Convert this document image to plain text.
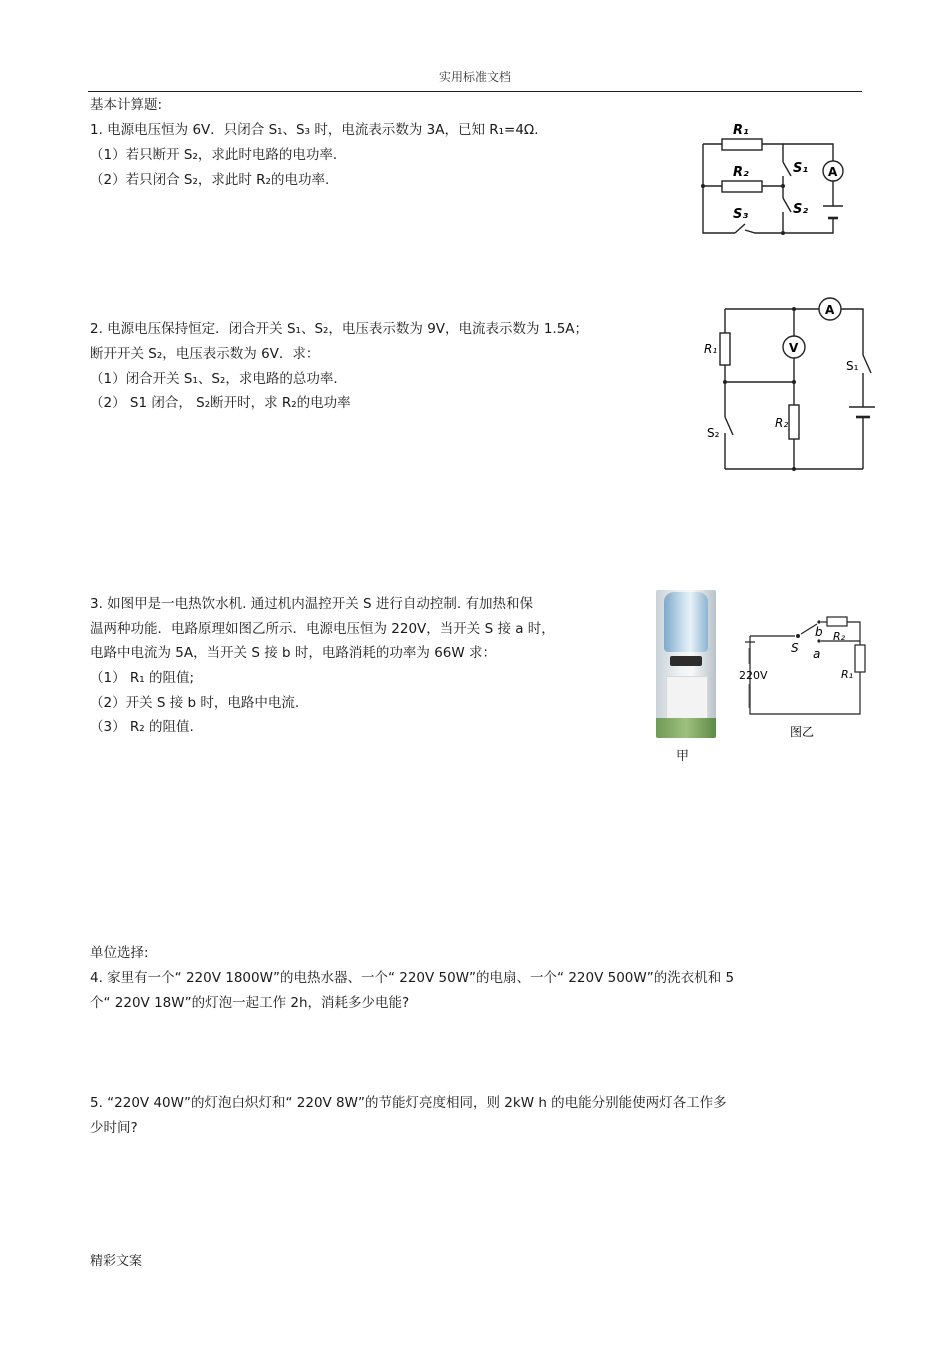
实用标准文档
基本计算题:
1. 电源电压恒为 6V．只闭合 S₁、S₃ 时，电流表示数为 3A，已知 R₁=4Ω．
（1）若只断开 S₂，求此时电路的电功率.
（2）若只闭合 S₂，求此时 R₂的电功率.
R₁
R₂	S₁
S₂
S₃
A
2. 电源电压保持恒定．闭合开关 S₁、S₂，电压表示数为 9V，电流表示数为 1.5A；
断开开关 S₂，电压表示数为 6V．求：
（1）闭合开关 S₁、S₂，求电路的总功率.
（2） S1 闭合， S₂断开时，求 R₂的电功率
R₁
R₂
S₁
S₂
A
V
3. 如图甲是一电热饮水机. 通过机内温控开关 S 进行自动控制. 有加热和保
温两种功能．电路原理如图乙所示．电源电压恒为 220V，当开关 S 接 a 时，
电路中电流为 5A，当开关 S 接 b 时，电路消耗的功率为 66W 求：
（1） R₁ 的阻值;
（2）开关 S 接 b 时，电路中电流.
（3） R₂ 的阻值.
甲
220V
S
b
a
R₂
R₁
图乙
单位选择:
4. 家里有一个“ 220V 1800W”的电热水器、一个“ 220V 50W”的电扇、一个“ 220V 500W”的洗衣机和 5
个“ 220V 18W”的灯泡一起工作 2h，消耗多少电能?
5. “220V 40W”的灯泡白炽灯和“ 220V 8W”的节能灯亮度相同，则 2kW h 的电能分别能使两灯各工作多
少时间?
精彩文案
